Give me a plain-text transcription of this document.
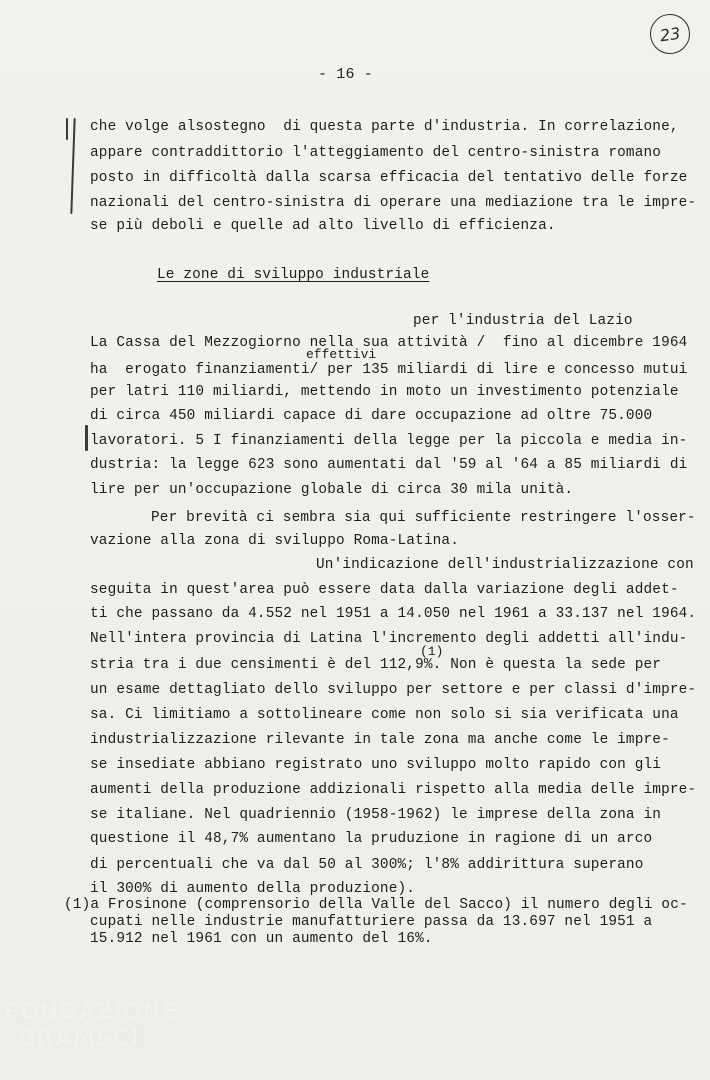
23
- 16 -
che volge alsostegno  di questa parte d'industria. In correlazione,
appare contraddittorio l'atteggiamento del centro-sinistra romano
posto in difficoltà dalla scarsa efficacia del tentativo delle forze
nazionali del centro-sinistra di operare una mediazione tra le impre-
se più deboli e quelle ad alto livello di efficienza.
Le zone di sviluppo industriale
per l'industria del Lazio
effettivi
La Cassa del Mezzogiorno nella sua attività /  fino al dicembre 1964
ha  erogato finanziamenti/ per 135 miliardi di lire e concesso mutui
per latri 110 miliardi, mettendo in moto un investimento potenziale
di circa 450 miliardi capace di dare occupazione ad oltre 75.000
lavoratori. 5 I finanziamenti della legge per la piccola e media in-
dustria: la legge 623 sono aumentati dal '59 al '64 a 85 miliardi di
lire per un'occupazione globale di circa 30 mila unità.
Per brevità ci sembra sia qui sufficiente restringere l'osser-
vazione alla zona di sviluppo Roma-Latina.
Un'indicazione dell'industrializzazione con
seguita in quest'area può essere data dalla variazione degli addet-
ti che passano da 4.552 nel 1951 a 14.050 nel 1961 a 33.137 nel 1964.
Nell'intera provincia di Latina l'incremento degli addetti all'indu-
(1)
stria tra i due censimenti è del 112,9%. Non è questa la sede per
un esame dettagliato dello sviluppo per settore e per classi d'impre-
sa. Ci limitiamo a sottolineare come non solo si sia verificata una
industrializzazione rilevante in tale zona ma anche come le impre-
se insediate abbiano registrato uno sviluppo molto rapido con gli
aumenti della produzione addizionali rispetto alla media delle impre-
se italiane. Nel quadriennio (1958-1962) le imprese della zona in
questione il 48,7% aumentano la pruduzione in ragione di un arco
di percentuali che va dal 50 al 300%; l'8% addirittura superano
il 300% di aumento della produzione).
(1)a Frosinone (comprensorio della Valle del Sacco) il numero degli oc-
cupati nelle industrie manufatturiere passa da 13.697 nel 1951 a
15.912 nel 1961 con un aumento del 16%.
FONDAZIONE
GRAMSCI
